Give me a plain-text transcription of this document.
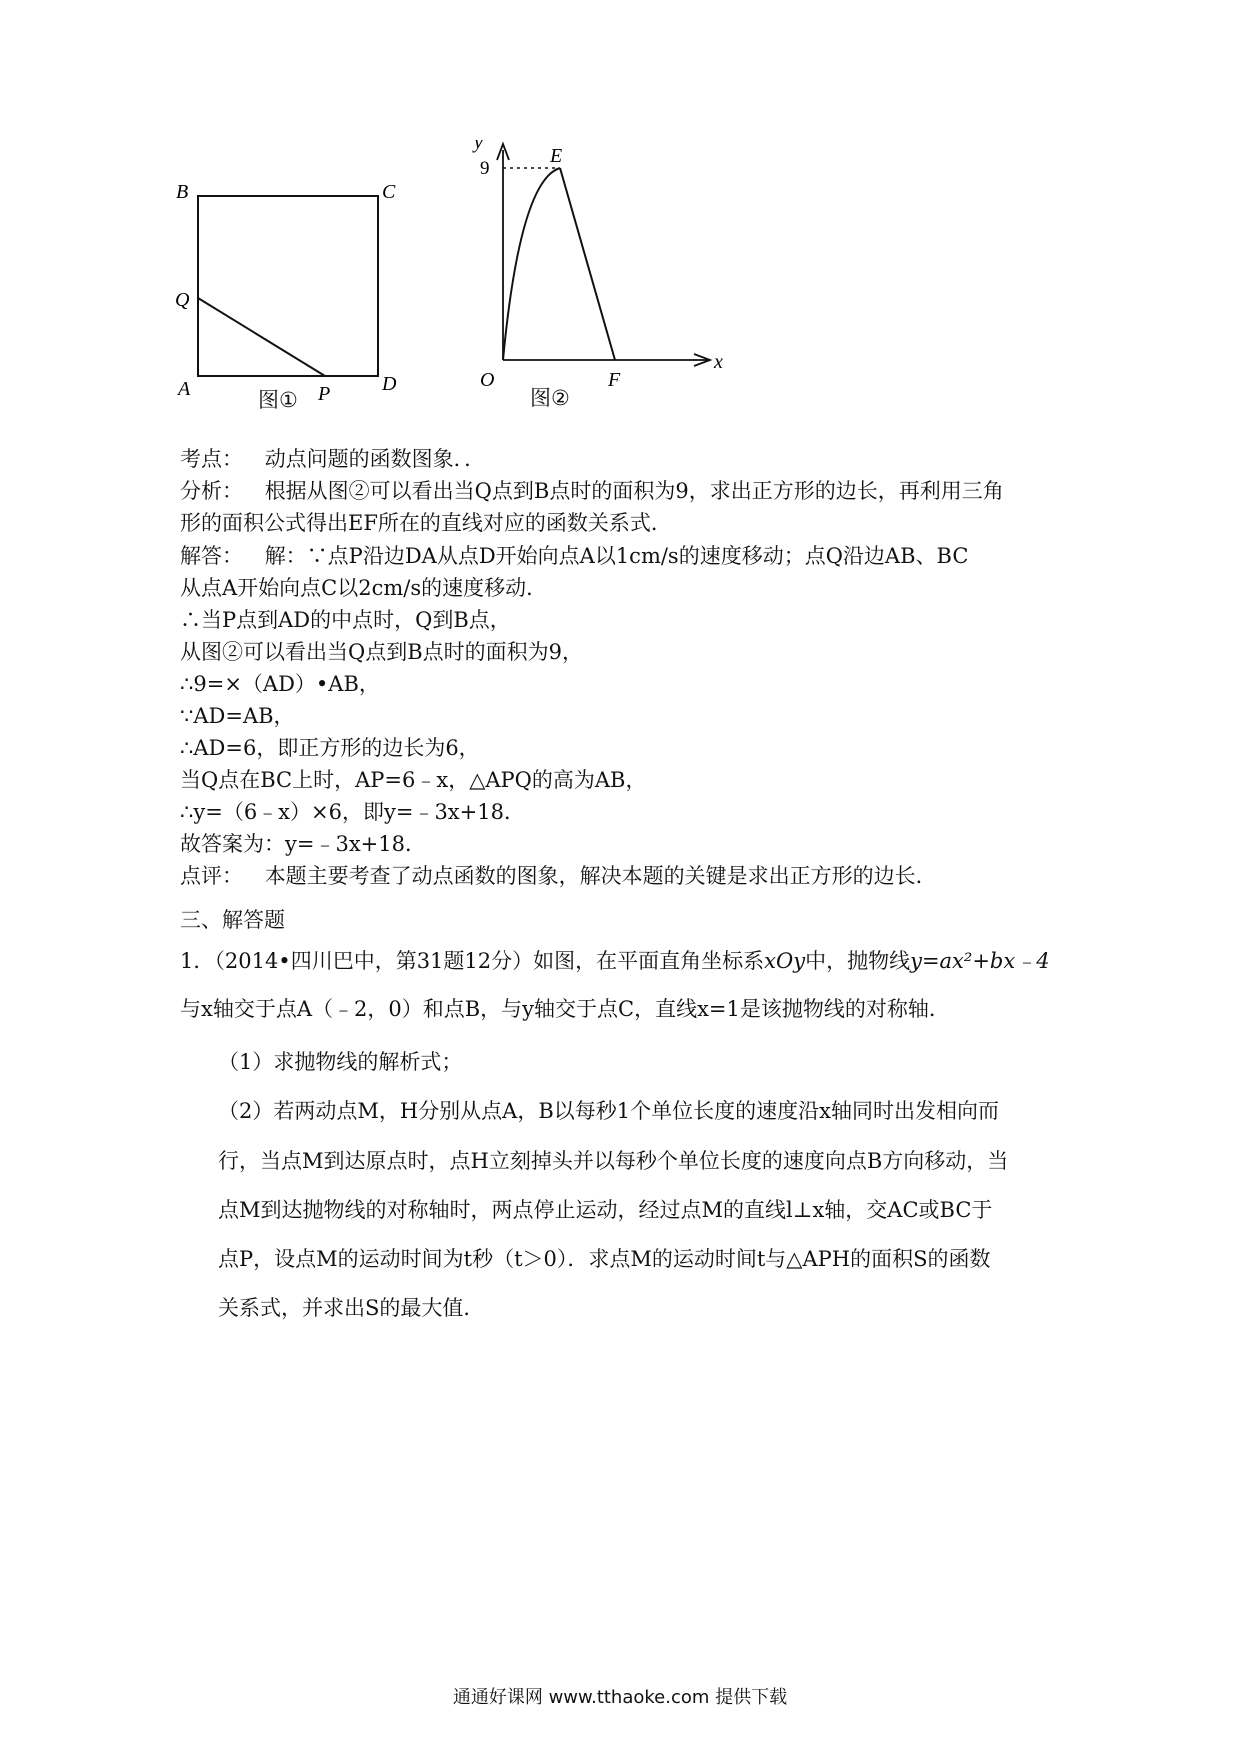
B	C
Q
A	P	D
图①
y
x
9
E
O	F
图②
考点： 动点问题的函数图象．．
分析： 根据从图②可以看出当Q点到B点时的面积为9，求出正方形的边长，再利用三角
形的面积公式得出EF所在的直线对应的函数关系式．
解答： 解：∵点P沿边DA从点D开始向点A以1cm/s的速度移动；点Q沿边AB、BC
从点A开始向点C以2cm/s的速度移动．
∴当P点到AD的中点时，Q到B点，
从图②可以看出当Q点到B点时的面积为9，
∴9=×（AD）•AB，
∵AD=AB，
∴AD=6，即正方形的边长为6，
当Q点在BC上时，AP=6﹣x，△APQ的高为AB，
∴y=（6﹣x）×6，即y=﹣3x+18．
故答案为：y=﹣3x+18．
点评： 本题主要考查了动点函数的图象，解决本题的关键是求出正方形的边长．
三、解答题
1．（2014•四川巴中，第31题12分）如图，在平面直角坐标系xOy中，抛物线y=ax²+bx﹣4
与x轴交于点A（﹣2，0）和点B，与y轴交于点C，直线x=1是该抛物线的对称轴．
（1）求抛物线的解析式；
（2）若两动点M，H分别从点A，B以每秒1个单位长度的速度沿x轴同时出发相向而
行，当点M到达原点时，点H立刻掉头并以每秒个单位长度的速度向点B方向移动，当
点M到达抛物线的对称轴时，两点停止运动，经过点M的直线l⊥x轴，交AC或BC于
点P，设点M的运动时间为t秒（t＞0）．求点M的运动时间t与△APH的面积S的函数
关系式，并求出S的最大值．
通通好课网 www.tthaoke.com 提供下载
